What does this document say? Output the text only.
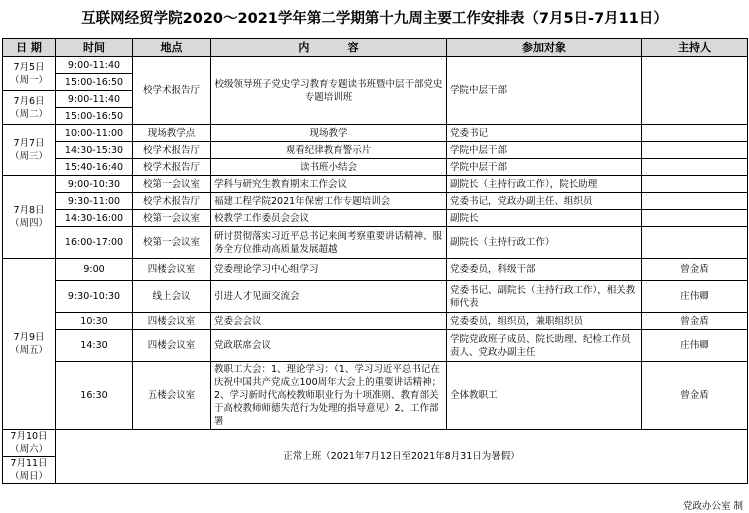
互联网经贸学院2020～2021学年第二学期第十九周主要工作安排表（7月5日-7月11日）
日 期	时间	地点	内          容	参加对象	主持人
7月5日
（周一）	9:00-11:40	校学术报告厅	校级领导班子党史学习教育专题读书班暨中层干部党史专题培训班	学院中层干部	
	15:00-16:50				
7月6日
（周二）	9:00-11:40				
	15:00-16:50				
7月7日
（周三）	10:00-11:00	现场教学点	现场教学	党委书记	
	14:30-15:30	校学术报告厅	观看纪律教育警示片	学院中层干部	
	15:40-16:40	校学术报告厅	读书班小结会	学院中层干部	
7月8日
（周四）	9:00-10:30	校第一会议室	学科与研究生教育期末工作会议	副院长（主持行政工作），院长助理	
	9:30-11:00	校学术报告厅	福建工程学院2021年保密工作专题培训会	党委书记，党政办副主任、组织员	
	14:30-16:00	校第一会议室	校教学工作委员会会议	副院长	
	16:00-17:00	校第一会议室	研讨贯彻落实习近平总书记来闽考察重要讲话精神、服务全方位推动高质量发展超越	副院长（主持行政工作）	
7月9日
（周五）	9:00	四楼会议室	党委理论学习中心组学习	党委委员，科级干部	曾金盾
	9:30-10:30	线上会议	引进人才见面交流会	党委书记、副院长（主持行政工作），相关教师代表	庄伟卿
	10:30	四楼会议室	党委会会议	党委委员，组织员，兼职组织员	曾金盾
	14:30	四楼会议室	党政联席会议	学院党政班子成员、院长助理、纪检工作员责人、党政办副主任	庄伟卿
	16:30	五楼会议室	教职工大会：1、理论学习：（1、学习习近平总书记在庆祝中国共产党成立100周年大会上的重要讲话精神；2、学习新时代高校教师职业行为十项准则、教育部关于高校教师师德失范行为处理的指导意见）2、工作部署	全体教职工	曾金盾
7月10日
（周六）	正常上班（2021年7月12日至2021年8月31日为暑假）				
7月11日
（周日）					
党政办公室 制
